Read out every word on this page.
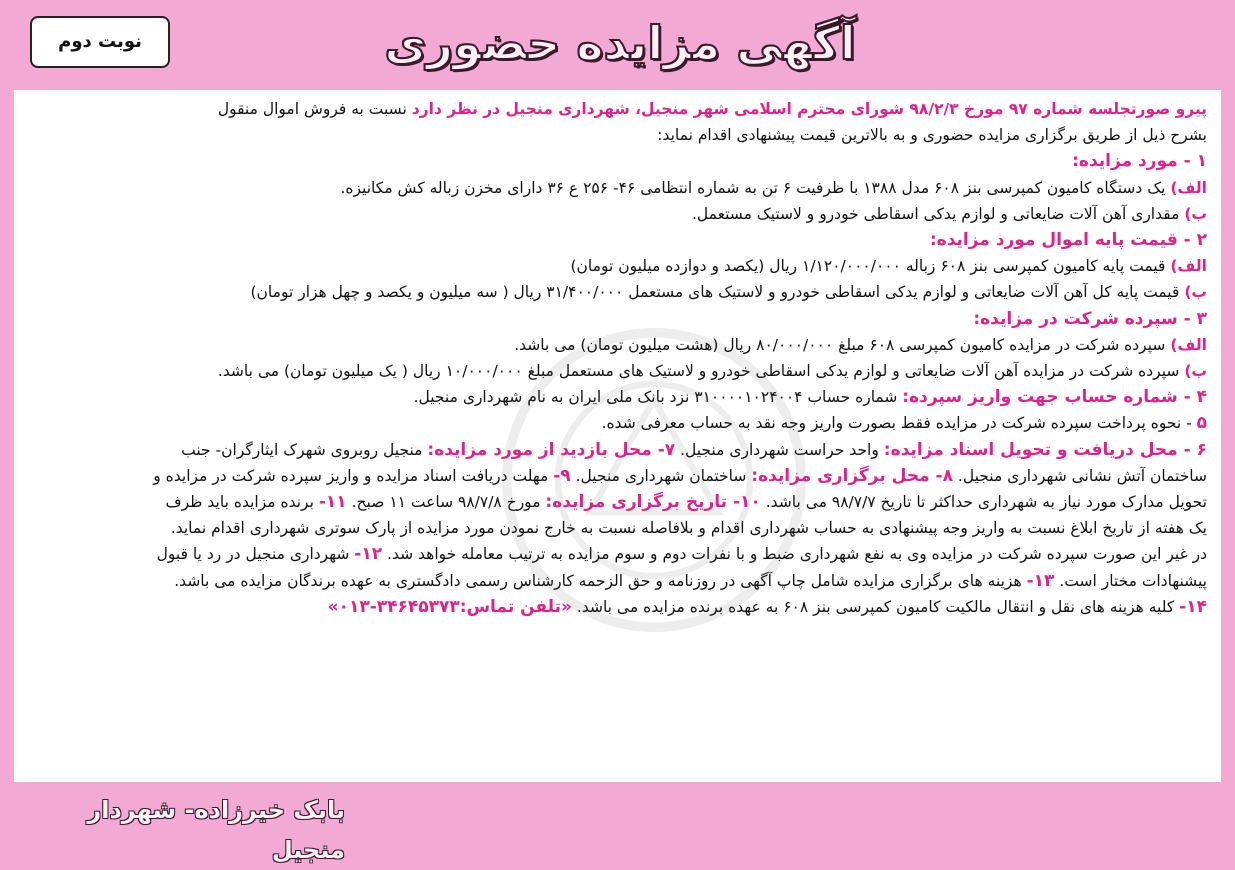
آگهی مزایده حضوری
نوبت دوم
پیرو صورتجلسه شماره ۹۷ مورخ ۹۸/۲/۳ شورای محترم اسلامی شهر منجیل، شهرداری منجیل در نظر دارد نسبت به فروش اموال منقول
بشرح ذیل از طریق برگزاری مزایده حضوری و به بالاترین قیمت پیشنهادی اقدام نماید:
۱ - مورد مزایده:
الف) یک دستگاه کامیون کمپرسی بنز ۶۰۸ مدل ۱۳۸۸ با ظرفیت ۶ تن به شماره انتظامی ۴۶- ۲۵۶ ع ۳۶ دارای مخزن زباله کش مکانیزه.
ب) مقداری آهن آلات ضایعاتی و لوازم یدکی اسقاطی خودرو و لاستیک مستعمل.
۲ - قیمت پایه اموال مورد مزایده:
الف) قیمت پایه کامیون کمپرسی بنز ۶۰۸ زباله ۱/۱۲۰/۰۰۰/۰۰۰ ریال (یکصد و دوازده میلیون تومان)
ب) قیمت پایه کل آهن آلات ضایعاتی و لوازم یدکی اسقاطی خودرو و لاستیک های مستعمل ۳۱/۴۰۰/۰۰۰ ریال ( سه میلیون و یکصد و چهل هزار تومان)
۳ - سپرده شرکت در مزایده:
الف) سپرده شرکت در مزایده کامیون کمپرسی ۶۰۸ مبلغ ۸۰/۰۰۰/۰۰۰ ریال (هشت میلیون تومان) می باشد.
ب) سپرده شرکت در مزایده آهن آلات ضایعاتی و لوازم یدکی اسقاطی خودرو و لاستیک های مستعمل مبلغ ۱۰/۰۰۰/۰۰۰ ریال ( یک میلیون تومان) می باشد.
۴ - شماره حساب جهت واریز سپرده: شماره حساب ۳۱۰۰۰۰۱۰۲۴۰۰۴ نزد بانک ملی ایران به نام شهرداری منجیل.
۵ - نحوه پرداخت سپرده شرکت در مزایده فقط بصورت واریز وجه نقد به حساب معرفی شده.
۶ - محل دریافت و تحویل اسناد مزایده: واحد حراست شهرداری منجیل. ۷- محل بازدید از مورد مزایده: منجیل روبروی شهرک ایثارگران- جنب
ساختمان آتش نشانی شهرداری منجیل. ۸- محل برگزاری مزایده: ساختمان شهرداری منجیل. ۹- مهلت دریافت اسناد مزایده و واریز سپرده شرکت در مزایده و
تحویل مدارک مورد نیاز به شهرداری حداکثر تا تاریخ ۹۸/۷/۷ می باشد. ۱۰- تاریخ برگزاری مزایده: مورخ ۹۸/۷/۸ ساعت ۱۱ صبح. ۱۱- برنده مزایده باید ظرف
یک هفته از تاریخ ابلاغ نسبت به واریز وجه پیشنهادی به حساب شهرداری اقدام و بلافاصله نسبت به خارج نمودن مورد مزایده از پارک سوتری شهرداری اقدام نماید.
در غیر این صورت سپرده شرکت در مزایده وی به نفع شهرداری ضبط و با نفرات دوم و سوم مزایده به ترتیب معامله خواهد شد. ۱۲- شهرداری منجیل در رد یا قبول
پیشنهادات مختار است. ۱۳- هزینه های برگزاری مزایده شامل چاپ آگهی در روزنامه و حق الزحمه کارشناس رسمی دادگستری به عهده برندگان مزایده می باشد.
۱۴- کلیه هزینه های نقل و انتقال مالکیت کامیون کمپرسی بنز ۶۰۸ به عهده برنده مزایده می باشد. «تلفن تماس:۳۴۶۴۵۳۷۳-۰۱۳»
بابک خیرزاده- شهردار منجیل
